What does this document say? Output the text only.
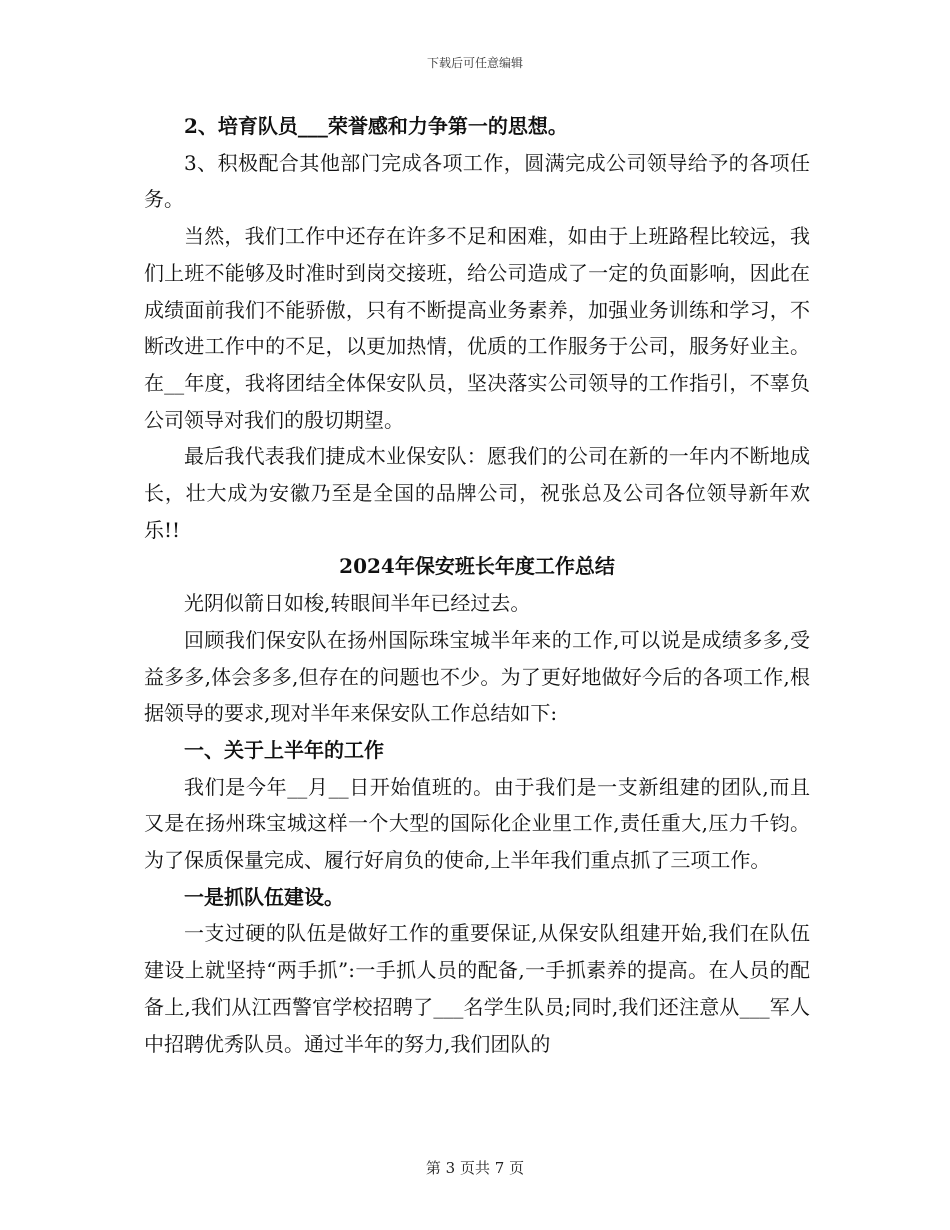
下载后可任意编辑

2、培育队员___荣誉感和力争第一的思想。

3、积极配合其他部门完成各项工作，圆满完成公司领导给予的各项任务。

当然，我们工作中还存在许多不足和困难，如由于上班路程比较远，我们上班不能够及时准时到岗交接班，给公司造成了一定的负面影响，因此在成绩面前我们不能骄傲，只有不断提高业务素养，加强业务训练和学习，不断改进工作中的不足，以更加热情，优质的工作服务于公司，服务好业主。在__年度，我将团结全体保安队员，坚决落实公司领导的工作指引，不辜负公司领导对我们的殷切期望。

最后我代表我们捷成木业保安队：愿我们的公司在新的一年内不断地成长，壮大成为安徽乃至是全国的品牌公司，祝张总及公司各位领导新年欢乐!!

2024年保安班长年度工作总结

光阴似箭日如梭,转眼间半年已经过去。

回顾我们保安队在扬州国际珠宝城半年来的工作,可以说是成绩多多,受益多多,体会多多,但存在的问题也不少。为了更好地做好今后的各项工作,根据领导的要求,现对半年来保安队工作总结如下:

一、关于上半年的工作

我们是今年__月__日开始值班的。由于我们是一支新组建的团队,而且又是在扬州珠宝城这样一个大型的国际化企业里工作,责任重大,压力千钧。为了保质保量完成、履行好肩负的使命,上半年我们重点抓了三项工作。

一是抓队伍建设。

一支过硬的队伍是做好工作的重要保证,从保安队组建开始,我们在队伍建设上就坚持“两手抓”:一手抓人员的配备,一手抓素养的提高。在人员的配备上,我们从江西警官学校招聘了___名学生队员;同时,我们还注意从___军人中招聘优秀队员。通过半年的努力,我们团队的

第 3 页共 7 页
